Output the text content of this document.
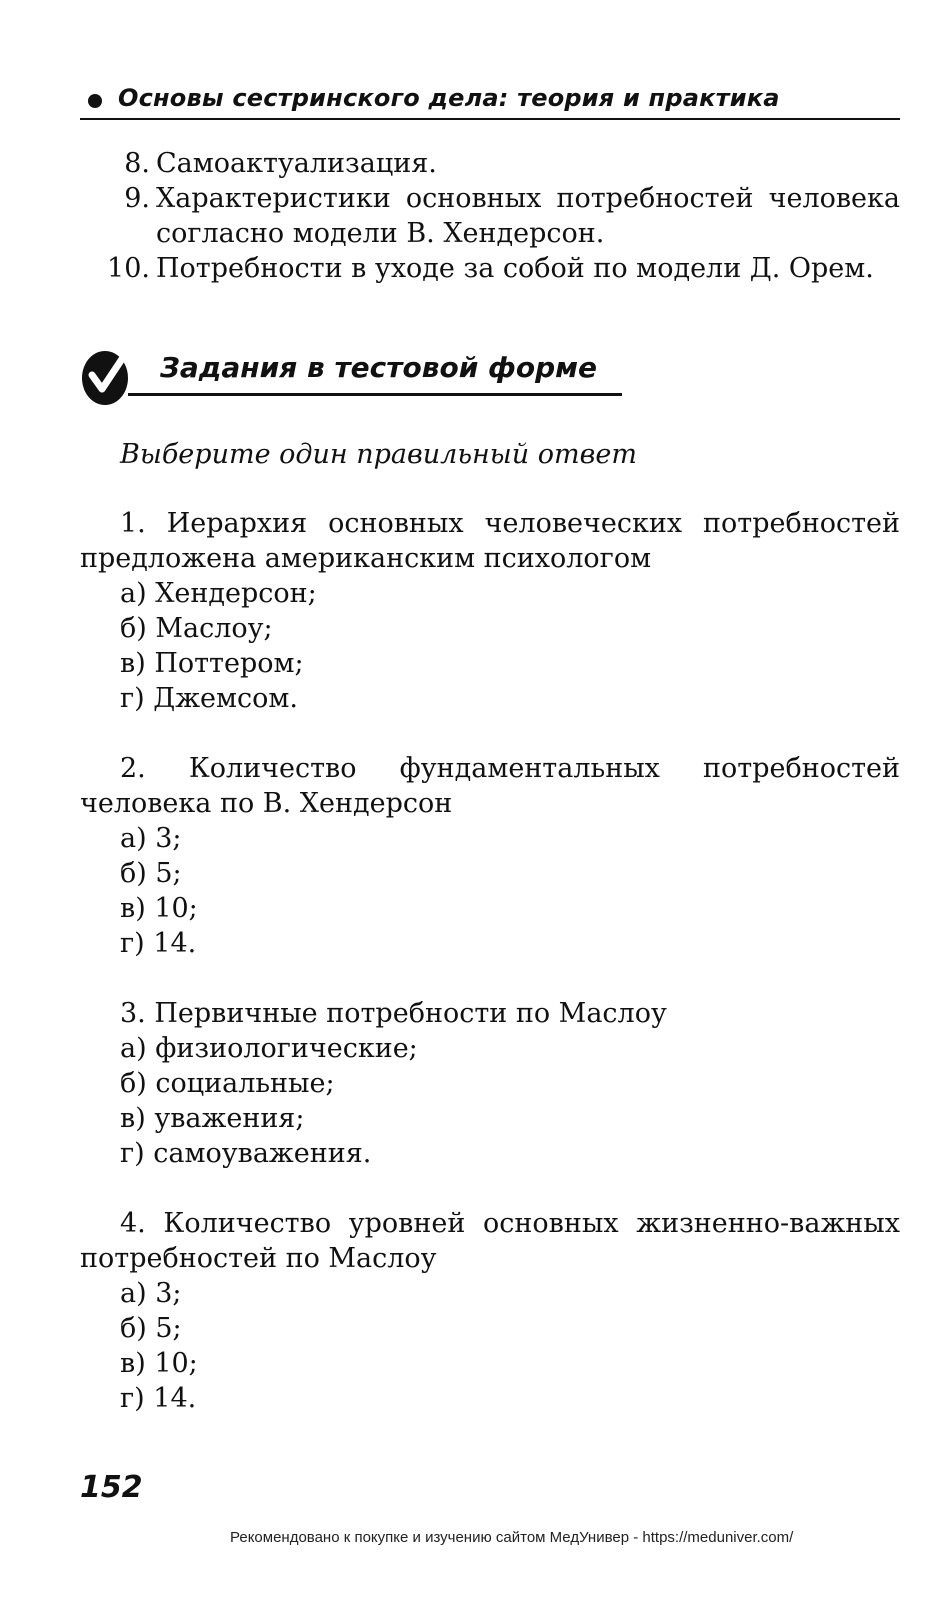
Основы сестринского дела: теория и практика
8. Самоактуализация.
9. Характеристики основных потребностей человека согласно модели В. Хендерсон.
10. Потребности в уходе за собой по модели Д. Орем.
Задания в тестовой форме
Выберите один правильный ответ

1. Иерархия основных человеческих потребностей предложена американским психологом

а) Хендерсон;
б) Маслоу;
в) Поттером;
г) Джемсом.

2. Количество фундаментальных потребностей человека по В. Хендерсон

а) 3;
б) 5;
в) 10;
г) 14.

3. Первичные потребности по Маслоу

а) физиологические;
б) социальные;
в) уважения;
г) самоуважения.

4. Количество уровней основных жизненно-важных потребностей по Маслоу

а) 3;
б) 5;
в) 10;
г) 14.
152
Рекомендовано к покупке и изучению сайтом МедУнивер - https://meduniver.com/
